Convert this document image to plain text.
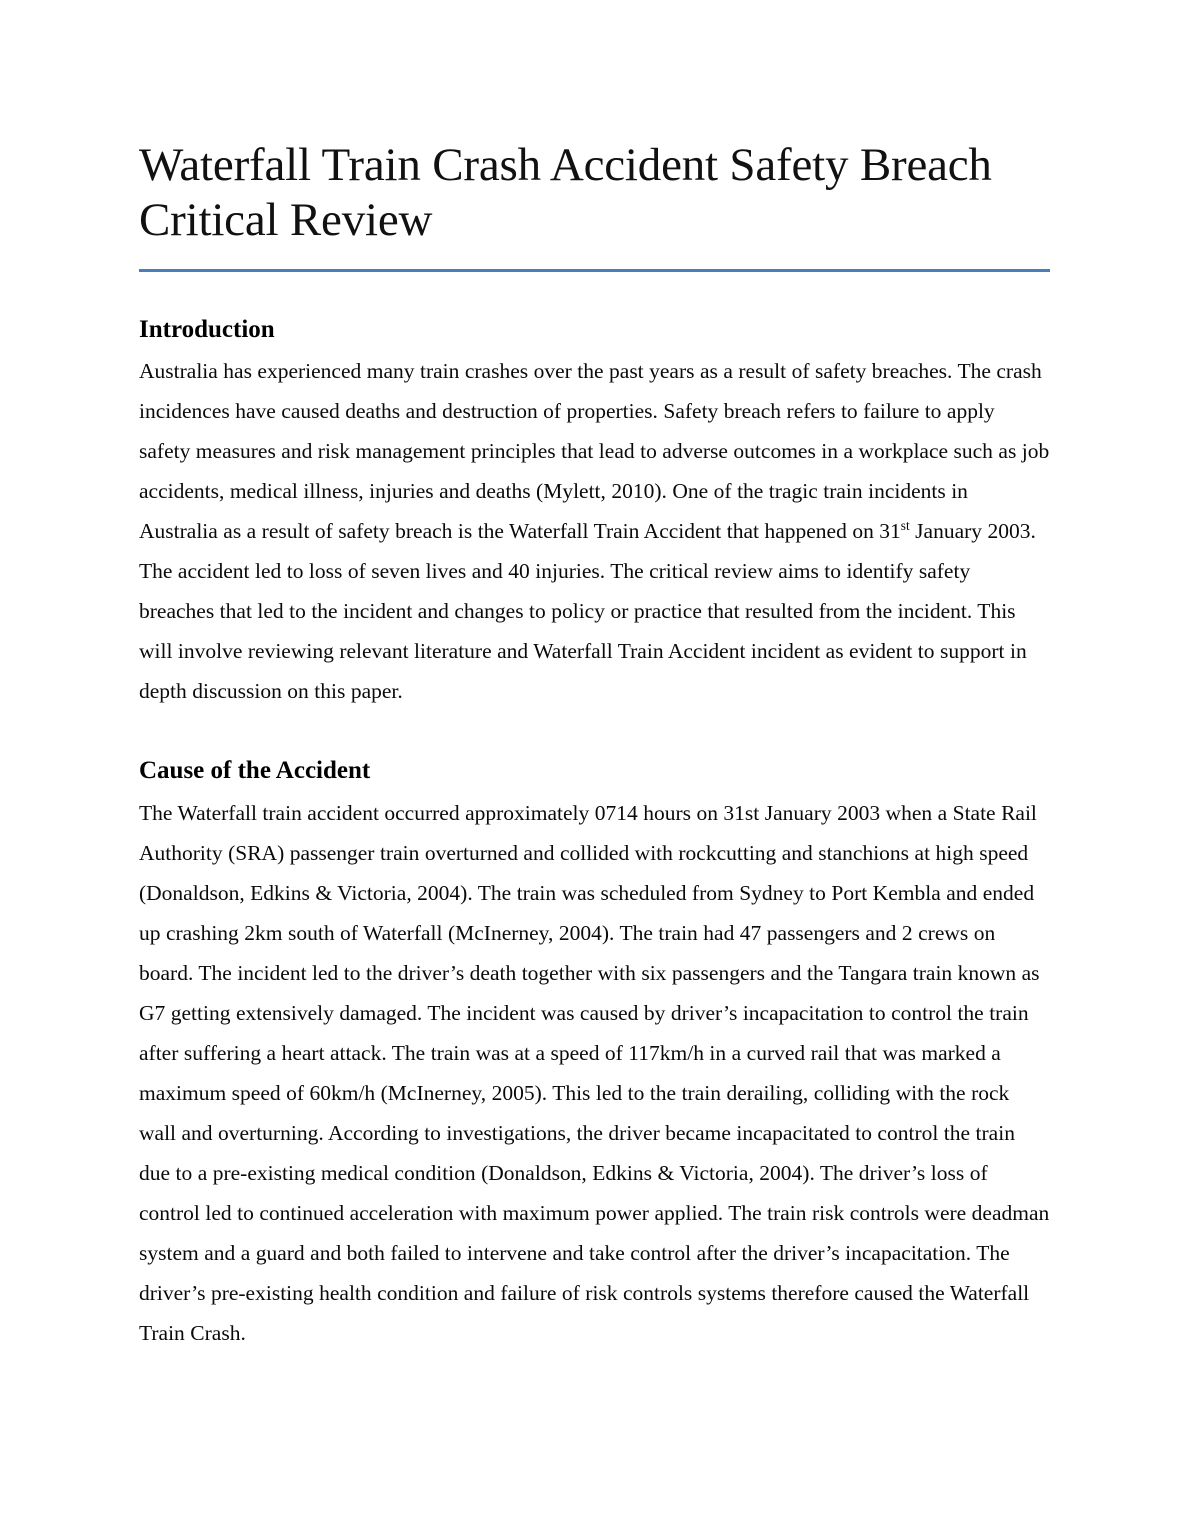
Waterfall Train Crash Accident Safety Breach Critical Review
Introduction

Australia has experienced many train crashes over the past years as a result of safety breaches. The crash incidences have caused deaths and destruction of properties. Safety breach refers to failure to apply safety measures and risk management principles that lead to adverse outcomes in a workplace such as job accidents, medical illness, injuries and deaths (Mylett, 2010). One of the tragic train incidents in Australia as a result of safety breach is the Waterfall Train Accident that happened on 31st January 2003. The accident led to loss of seven lives and 40 injuries. The critical review aims to identify safety breaches that led to the incident and changes to policy or practice that resulted from the incident. This will involve reviewing relevant literature and Waterfall Train Accident incident as evident to support in depth discussion on this paper.

Cause of the Accident

The Waterfall train accident occurred approximately 0714 hours on 31st January 2003 when a State Rail Authority (SRA) passenger train overturned and collided with rockcutting and stanchions at high speed (Donaldson, Edkins & Victoria, 2004). The train was scheduled from Sydney to Port Kembla and ended up crashing 2km south of Waterfall (McInerney, 2004). The train had 47 passengers and 2 crews on board. The incident led to the driver’s death together with six passengers and the Tangara train known as G7 getting extensively damaged. The incident was caused by driver’s incapacitation to control the train after suffering a heart attack. The train was at a speed of 117km/h in a curved rail that was marked a maximum speed of 60km/h (McInerney, 2005). This led to the train derailing, colliding with the rock wall and overturning. According to investigations, the driver became incapacitated to control the train due to a pre-existing medical condition (Donaldson, Edkins & Victoria, 2004). The driver’s loss of control led to continued acceleration with maximum power applied. The train risk controls were deadman system and a guard and both failed to intervene and take control after the driver’s incapacitation. The driver’s pre-existing health condition and failure of risk controls systems therefore caused the Waterfall Train Crash.
